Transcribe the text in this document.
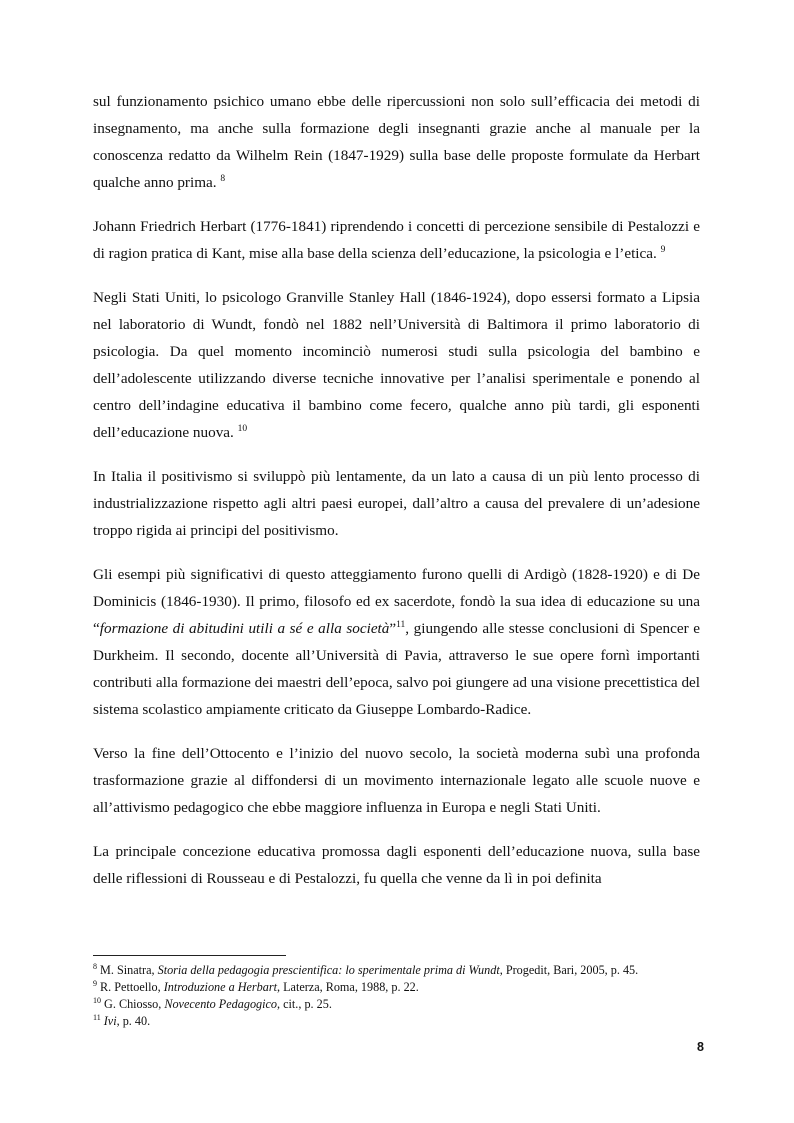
sul funzionamento psichico umano ebbe delle ripercussioni non solo sull’efficacia dei metodi di insegnamento, ma anche sulla formazione degli insegnanti grazie anche al manuale per la conoscenza redatto da Wilhelm Rein (1847-1929) sulla base delle proposte formulate da Herbart qualche anno prima. $^8$

Johann Friedrich Herbart (1776-1841) riprendendo i concetti di percezione sensibile di Pestalozzi e di ragion pratica di Kant, mise alla base della scienza dell’educazione, la psicologia e l’etica. $^9$

Negli Stati Uniti, lo psicologo Granville Stanley Hall (1846-1924), dopo essersi formato a Lipsia nel laboratorio di Wundt, fondò nel 1882 nell’Università di Baltimora il primo laboratorio di psicologia. Da quel momento incominciò numerosi studi sulla psicologia del bambino e dell’adolescente utilizzando diverse tecniche innovative per l’analisi sperimentale e ponendo al centro dell’indagine educativa il bambino come fecero, qualche anno più tardi, gli esponenti dell’educazione nuova. $^{10}$

In Italia il positivismo si sviluppò più lentamente, da un lato a causa di un più lento processo di industrializzazione rispetto agli altri paesi europei, dall’altro a causa del prevalere di un’adesione troppo rigida ai principi del positivismo.

Gli esempi più significativi di questo atteggiamento furono quelli di Ardigò (1828-1920) e di De Dominicis (1846-1930). Il primo, filosofo ed ex sacerdote, fondò la sua idea di educazione su una “formazione di abitudini utili a sé e alla società”$^{11}$, giungendo alle stesse conclusioni di Spencer e Durkheim. Il secondo, docente all’Università di Pavia, attraverso le sue opere fornì importanti contributi alla formazione dei maestri dell’epoca, salvo poi giungere ad una visione precettistica del sistema scolastico ampiamente criticato da Giuseppe Lombardo-Radice.

Verso la fine dell’Ottocento e l’inizio del nuovo secolo, la società moderna subì una profonda trasformazione grazie al diffondersi di un movimento internazionale legato alle scuole nuove e all’attivismo pedagogico che ebbe maggiore influenza in Europa e negli Stati Uniti.

La principale concezione educativa promossa dagli esponenti dell’educazione nuova, sulla base delle riflessioni di Rousseau e di Pestalozzi, fu quella che venne da lì in poi definita

$^8$ M. Sinatra, Storia della pedagogia prescientifica: lo sperimentale prima di Wundt, Progedit, Bari, 2005, p. 45.

$^9$ R. Pettoello, Introduzione a Herbart, Laterza, Roma, 1988, p. 22.

$^{10}$ G. Chiosso, Novecento Pedagogico, cit., p. 25.

$^{11}$ Ivi, p. 40.

8
